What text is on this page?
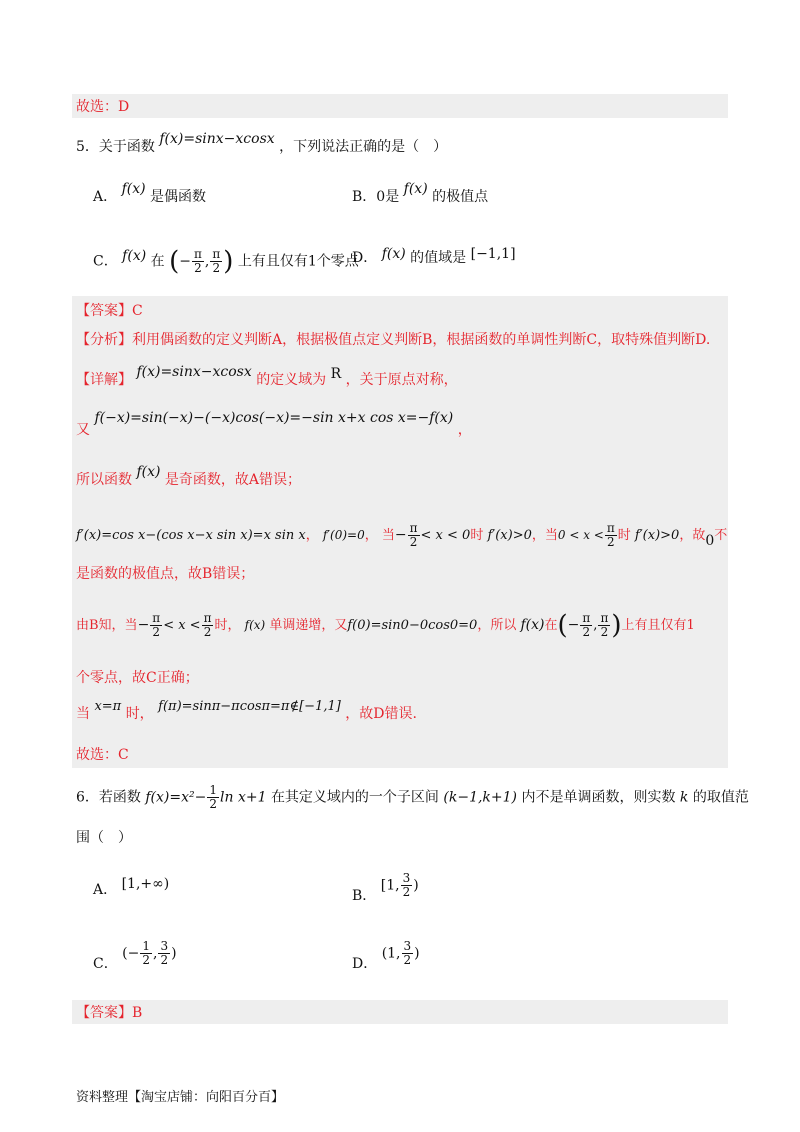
故选：D
5．关于函数 f(x)=sinx−xcosx ，下列说法正确的是（　）
A． f(x) 是偶函数	B．0是 f(x) 的极值点
C． f(x) 在 (− $\frac{\pi}{2}$ , $\frac{\pi}{2}$ ) 上有且仅有1个零点
D． f(x) 的值域是 [−1,1]
【答案】C
【分析】利用偶函数的定义判断A，根据极值点定义判断B，根据函数的单调性判断C，取特殊值判断D.
【详解】 f(x)=sinx−xcosx 的定义域为 R ，关于原点对称，
又 f(−x)=sin(−x)−(−x)cos(−x)=−sin x+x cos x=−f(x) ，
所以函数 f(x) 是奇函数，故A错误；
f′(x)=cos x−(cos x−x sin x)=x sin x， f′(0)=0， 当− $\frac{\pi}{2} < x < 0$时 f′(x)>0，当$0 < x < \frac{\pi}{2}$ 时 f′(x)>0，故0不
是函数的极值点，故B错误；
由B知，当− $\frac{\pi}{2} < x < \frac{\pi}{2}$ 时， f(x) 单调递增，又f(0)=sin0−0cos0=0，所以 f(x)在(− $\frac{\pi}{2}$ , $\frac{\pi}{2}$ )上有且仅有1
个零点，故C正确；
当 x=π 时， f(π)=sinπ−πcosπ=π∉[−1,1] ，故D错误.
故选：C
6．若函数 $f(x)=x^2- \frac{1}{2}$ ln x+1 在其定义域内的一个子区间 (k−1,k+1) 内不是单调函数，则实数 k 的取值范
围（　）
A． [1,+∞)
B． [1, $\frac{3}{2}$ )
C． (− $\frac{1}{2}$ , $\frac{3}{2}$ )
D． (1, $\frac{3}{2}$ )
【答案】B
资料整理【淘宝店铺：向阳百分百】
